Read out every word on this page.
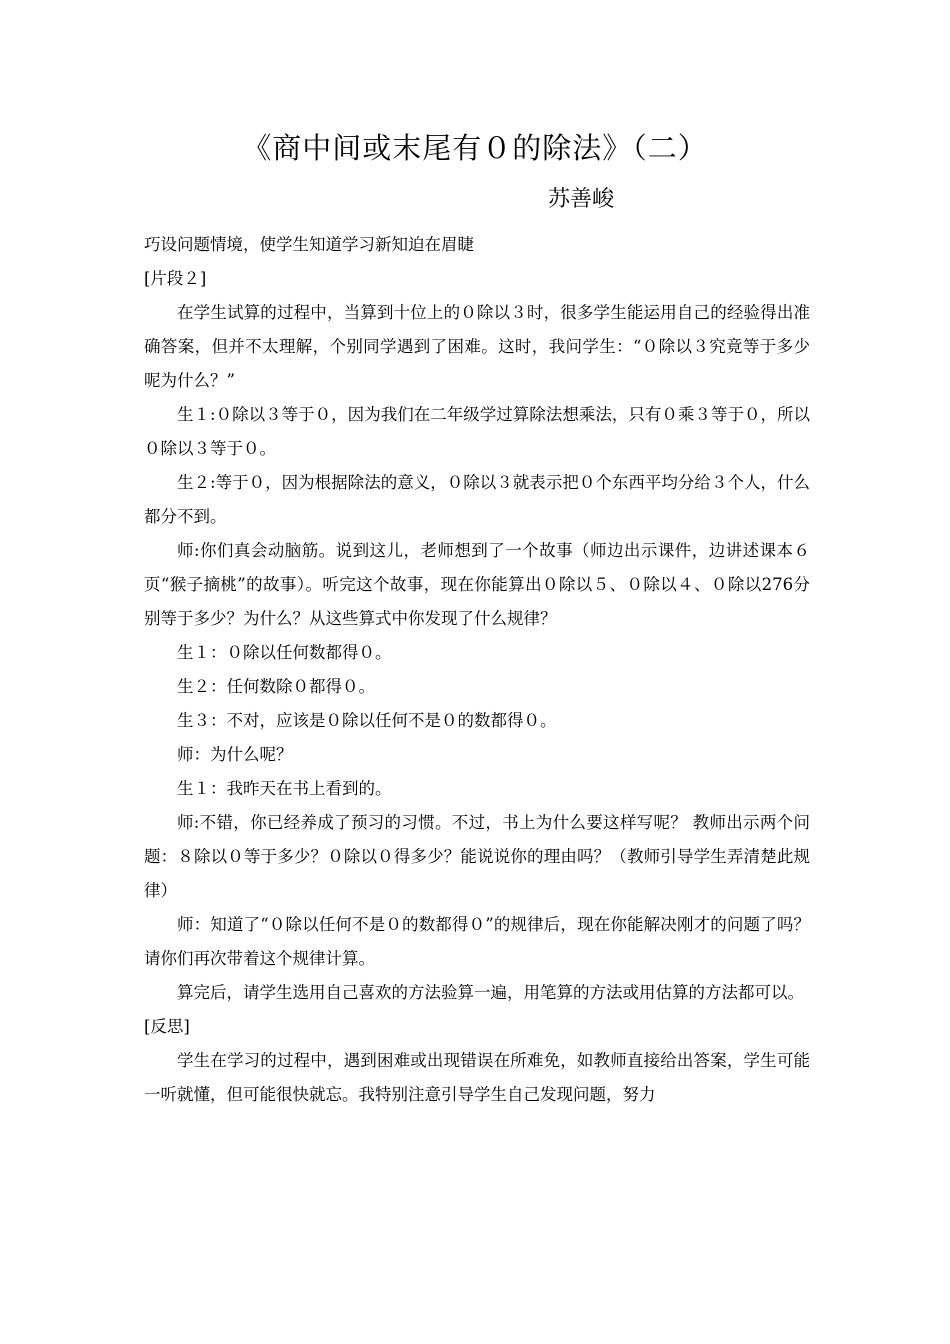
《商中间或末尾有０的除法》（二）
苏善峻

巧设问题情境，使学生知道学习新知迫在眉睫

[片段２]

在学生试算的过程中，当算到十位上的０除以３时，很多学生能运用自己的经验得出准确答案，但并不太理解，个别同学遇到了困难。这时，我问学生：“０除以３究竟等于多少呢为什么？”

生１:０除以３等于０，因为我们在二年级学过算除法想乘法，只有０乘３等于０，所以０除以３等于０。

生２:等于０，因为根据除法的意义，０除以３就表示把０个东西平均分给３个人，什么都分不到。

师:你们真会动脑筋。说到这儿，老师想到了一个故事（师边出示课件，边讲述课本６页“猴子摘桃”的故事）。听完这个故事，现在你能算出０除以５、０除以４、０除以276分别等于多少？为什么？从这些算式中你发现了什么规律？

生１：０除以任何数都得０。

生２：任何数除０都得０。

生３：不对，应该是０除以任何不是０的数都得０。

师：为什么呢？

生１：我昨天在书上看到的。

师:不错，你已经养成了预习的习惯。不过，书上为什么要这样写呢？ 教师出示两个问题：８除以０等于多少？０除以０得多少？能说说你的理由吗？（教师引导学生弄清楚此规律）

师：知道了“０除以任何不是０的数都得０”的规律后，现在你能解决刚才的问题了吗？请你们再次带着这个规律计算。

算完后，请学生选用自己喜欢的方法验算一遍，用笔算的方法或用估算的方法都可以。

[反思]

学生在学习的过程中，遇到困难或出现错误在所难免，如教师直接给出答案，学生可能一听就懂，但可能很快就忘。我特别注意引导学生自己发现问题，努力
